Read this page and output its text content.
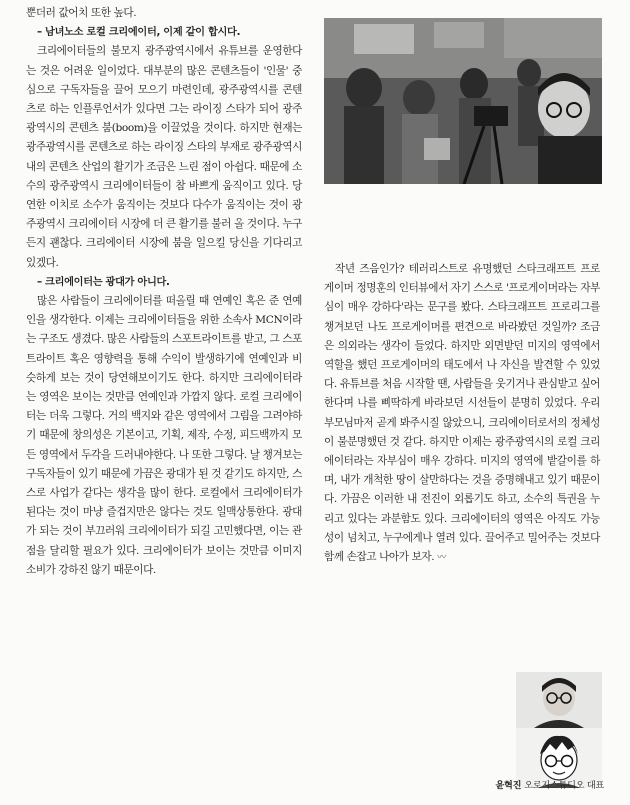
뿐더러 값어치 또한 높다.

– 남녀노소 로컬 크리에이터, 이제 같이 합시다.

크리에이터들의 불모지 광주광역시에서 유튜브를 운영한다는 것은 어려운 일이었다. 대부분의 많은 콘텐츠들이 '인물' 중심으로 구독자들을 끌어 모으기 마련인데, 광주광역시를 콘텐츠로 하는 인플루언서가 있다면 그는 라이징 스타가 되어 광주광역시의 콘텐츠 붐(boom)을 이끌었을 것이다. 하지만 현재는 광주광역시를 콘텐츠로 하는 라이징 스타의 부재로 광주광역시 내의 콘텐츠 산업의 활기가 조금은 느린 점이 아쉽다. 때문에 소수의 광주광역시 크리에이터들이 참 바쁘게 움직이고 있다. 당연한 이치로 소수가 움직이는 것보다 다수가 움직이는 것이 광주광역시 크리에이터 시장에 더 큰 활기를 불러 올 것이다. 누구든지 괜찮다. 크리에이터 시장에 붐을 일으킬 당신을 기다리고 있겠다.

– 크리에이터는 광대가 아니다.

많은 사람들이 크리에이터를 떠올릴 때 연예인 혹은 준 연예인을 생각한다. 이제는 크리에이터들을 위한 소속사 MCN이라는 구조도 생겼다. 많은 사람들의 스포트라이트를 받고, 그 스포트라이트 혹은 영향력을 통해 수익이 발생하기에 연예인과 비슷하게 보는 것이 당연해보이기도 한다. 하지만 크리에이터라는 영역은 보이는 것만큼 연예인과 가깝지 않다. 로컬 크리에이터는 더욱 그렇다. 거의 백지와 같은 영역에서 그림을 그려야하기 때문에 창의성은 기본이고, 기획, 제작, 수정, 피드백까지 모든 영역에서 두각을 드러내야한다. 나 또한 그렇다. 날 챙겨보는 구독자들이 있기 때문에 가끔은 광대가 된 것 같기도 하지만, 스스로 사업가 같다는 생각을 많이 한다. 로컬에서 크리에이터가 된다는 것이 마냥 즐겁지만은 않다는 것도 일맥상통한다. 광대가 되는 것이 부끄러워 크리에이터가 되길 고민했다면, 이는 관점을 달리할 필요가 있다. 크리에이터가 보이는 것만큼 이미지 소비가 강하진 않기 때문이다.

작년 즈음인가? 테러리스트로 유명했던 스타크래프트 프로게이머 정명훈의 인터뷰에서 자기 스스로 '프로게이머라는 자부심이 매우 강하다'라는 문구를 봤다. 스타크래프트 프로리그를 챙겨보던 나도 프로게이머를 편견으로 바라봤던 것일까? 조금은 의외라는 생각이 들었다. 하지만 외면받던 미지의 영역에서 역할을 했던 프로게이머의 태도에서 나 자신을 발견할 수 있었다. 유튜브를 처음 시작할 땐, 사람들을 웃기거나 관심받고 싶어 한다며 나를 삐딱하게 바라보던 시선들이 분명히 있었다. 우리 부모님마저 곧게 봐주시질 않았으니, 크리에이터로서의 정체성이 불분명했던 것 같다. 하지만 이제는 광주광역시의 로컬 크리에이터라는 자부심이 매우 강하다. 미지의 영역에 밭갈이를 하며, 내가 개척한 땅이 살만하다는 것을 증명해내고 있기 때문이다. 가끔은 이러한 내 전진이 외롭기도 하고, 소수의 특권을 누리고 있다는 과분함도 있다. 크리에이터의 영역은 아직도 가능성이 넘치고, 누구에게나 열려 있다. 끌어주고 밀어주는 것보다 함께 손잡고 나아가 보자. 〰

윤혁진 오로지스튜디오 대표
